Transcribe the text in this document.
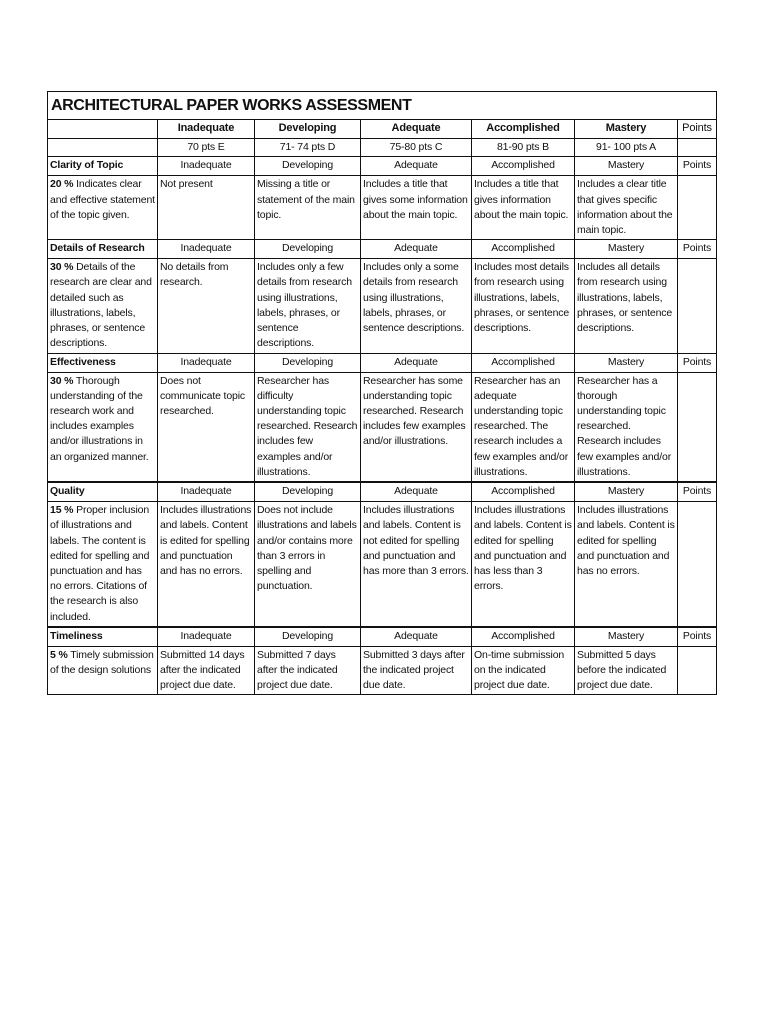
ARCHITECTURAL PAPER WORKS ASSESSMENT						
	Inadequate	Developing	Adequate	Accomplished	Mastery	Points
	70 pts E	71- 74 pts D	75-80 pts C	81-90 pts B	91- 100 pts A	
Clarity of Topic	Inadequate	Developing	Adequate	Accomplished	Mastery	Points
20 % Indicates clear and effective statement of the topic given.	Not present	Missing a title or statement of the main topic.	Includes a title that gives some information about the main topic.	Includes a title that gives information about the main topic.	Includes a clear title that gives specific information about the main topic.	
Details of Research	Inadequate	Developing	Adequate	Accomplished	Mastery	Points
30 % Details of the research are clear and detailed such as illustrations, labels, phrases, or sentence descriptions.	No details from research.	Includes only a few details from research using illustrations, labels, phrases, or sentence descriptions.	Includes only a some details from research using illustrations, labels, phrases, or sentence descriptions.	Includes most details from research using illustrations, labels, phrases, or sentence descriptions.	Includes all details from research using illustrations, labels, phrases, or sentence descriptions.	
Effectiveness	Inadequate	Developing	Adequate	Accomplished	Mastery	Points
30 % Thorough understanding of the research work and includes examples and/or illustrations in an organized manner.	Does not communicate topic researched.	Researcher has difficulty understanding topic researched. Research includes few examples and/or illustrations.	Researcher has some understanding topic researched. Research includes few examples and/or illustrations.	Researcher has an adequate understanding topic researched. The research includes a few examples and/or illustrations.	Researcher has a thorough understanding topic researched. Research includes few examples and/or illustrations.	
Quality	Inadequate	Developing	Adequate	Accomplished	Mastery	Points
15 % Proper inclusion of illustrations and labels. The content is edited for spelling and punctuation and has no errors. Citations of the research is also included.	Includes illustrations and labels. Content is edited for spelling and punctuation and has no errors.	Does not include illustrations and labels and/or contains more than 3 errors in spelling and punctuation.	Includes illustrations and labels. Content is not edited for spelling and punctuation and has more than 3 errors.	Includes illustrations and labels. Content is edited for spelling and punctuation and has less than 3 errors.	Includes illustrations and labels. Content is edited for spelling and punctuation and has no errors.	
Timeliness	Inadequate	Developing	Adequate	Accomplished	Mastery	Points
5 % Timely submission of the design solutions	Submitted 14 days after the indicated project due date.	Submitted 7 days after the indicated project due date.	Submitted 3 days after the indicated project due date.	On-time submission on the indicated project due date.	Submitted 5 days before the indicated project due date.	
